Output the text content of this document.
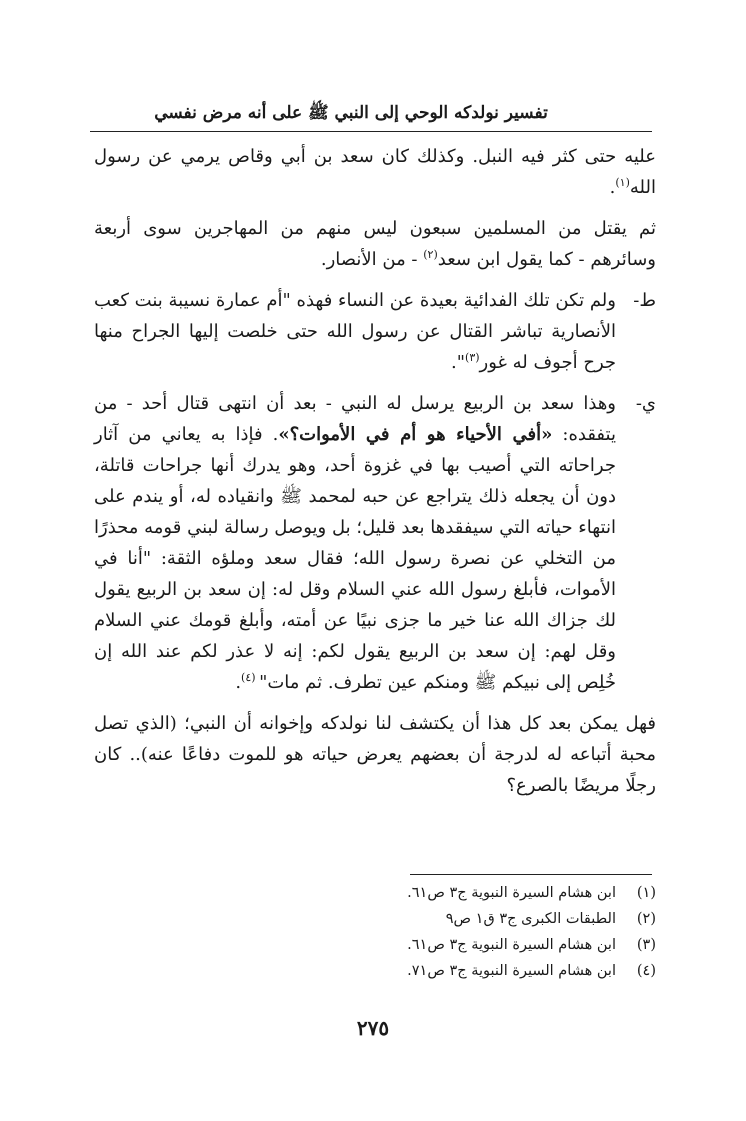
تفسير نولدكه الوحي إلى النبي ﷺ على أنه مرض نفسي

عليه حتى كثر فيه النبل. وكذلك كان سعد بن أبي وقاص يرمي عن رسول الله$^{(١)}$.

ثم يقتل من المسلمين سبعون ليس منهم من المهاجرين سوى أربعة وسائرهم - كما يقول ابن سعد$^{(٢)}$ - من الأنصار.

ط-
ولم تكن تلك الفدائية بعيدة عن النساء فهذه "أم عمارة نسيبة بنت كعب الأنصارية تباشر القتال عن رسول الله حتى خلصت إليها الجراح منها جرح أجوف له غور$^{(٣)}$".
ي-
وهذا سعد بن الربيع يرسل له النبي - بعد أن انتهى قتال أحد - من يتفقده: «أفي الأحياء هو أم في الأموات؟». فإذا به يعاني من آثار جراحاته التي أصيب بها في غزوة أحد، وهو يدرك أنها جراحات قاتلة، دون أن يجعله ذلك يتراجع عن حبه لمحمد ﷺ وانقياده له، أو يندم على انتهاء حياته التي سيفقدها بعد قليل؛ بل ويوصل رسالة لبني قومه محذرًا من التخلي عن نصرة رسول الله؛ فقال سعد وملؤه الثقة: "أنا في الأموات، فأبلغ رسول الله عني السلام وقل له: إن سعد بن الربيع يقول لك جزاك الله عنا خير ما جزى نبيًا عن أمته، وأبلغ قومك عني السلام وقل لهم: إن سعد بن الربيع يقول لكم: إنه لا عذر لكم عند الله إن خُلِص إلى نبيكم ﷺ ومنكم عين تطرف. ثم مات" $^{(٤)}$.

فهل يمكن بعد كل هذا أن يكتشف لنا نولدكه وإخوانه أن النبي؛ (الذي تصل محبة أتباعه له لدرجة أن بعضهم يعرض حياته هو للموت دفاعًا عنه).. كان رجلًا مريضًا بالصرع؟

(١)
ابن هشام السيرة النبوية ج٣ ص٦١.
(٢)
الطبقات الكبرى ج٣ ق١ ص٩
(٣)
ابن هشام السيرة النبوية ج٣ ص٦١.
(٤)
ابن هشام السيرة النبوية ج٣ ص٧١.
٢٧٥
